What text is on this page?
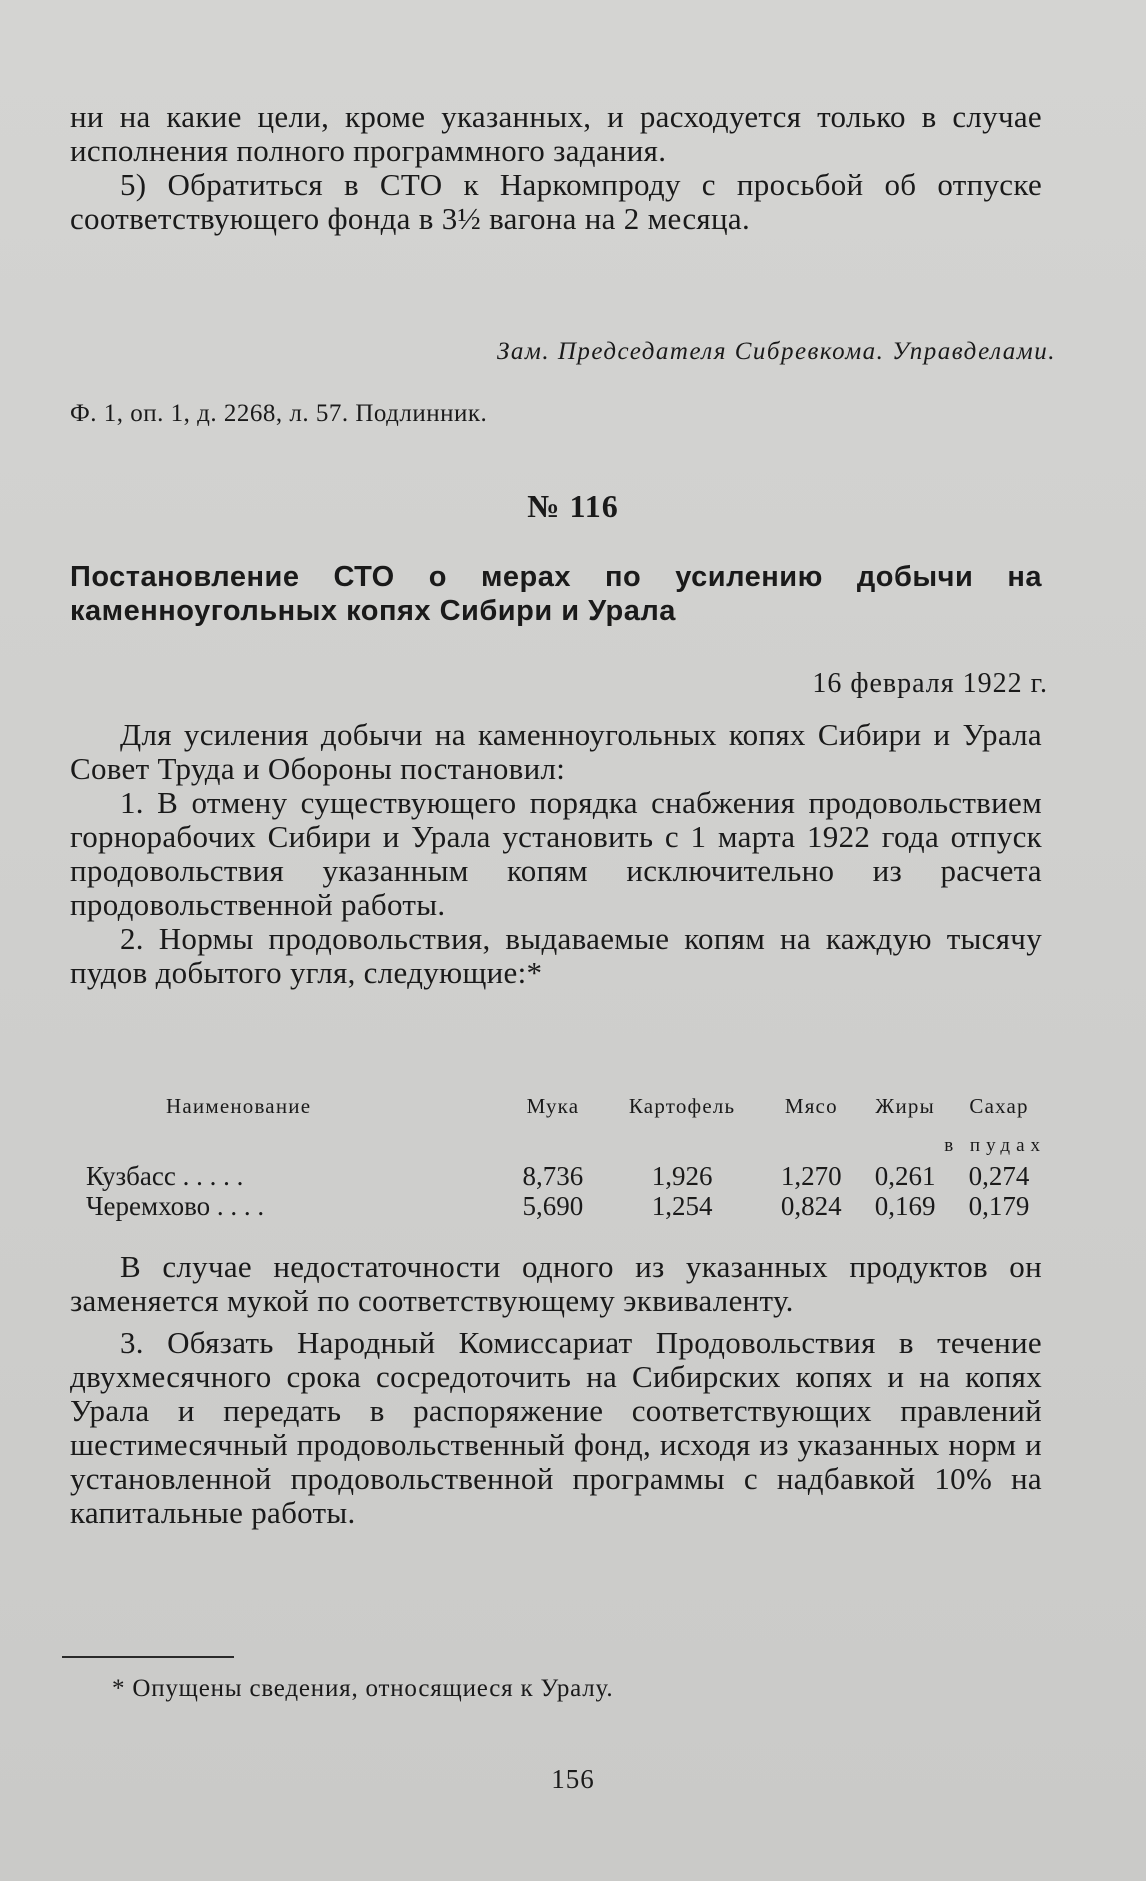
ни на какие цели, кроме указанных, и расходуется только в случае исполнения полного программного задания.

5) Обратиться в СТО к Наркомпроду с просьбой об отпуске соответствующего фонда в 3½ вагона на 2 месяца.

Зам. Председателя Сибревкома. Управделами.
Ф. 1, оп. 1, д. 2268, л. 57. Подлинник.
№ 116
Постановление СТО о мерах по усилению добычи на каменноугольных копях Сибири и Урала
16 февраля 1922 г.

Для усиления добычи на каменноугольных копях Сибири и Урала Совет Труда и Обороны постановил:

1. В отмену существующего порядка снабжения продовольствием горнорабочих Сибири и Урала установить с 1 марта 1922 года отпуск продовольствия указанным копям исключительно из расчета продовольственной работы.

2. Нормы продовольствия, выдаваемые копям на каждую тысячу пудов добытого угля, следующие:*

Наименование	Мука	Картофель	Мясо	Жиры	Сахар
в пудах					
Кузбасс . . . . .	8,736	1,926	1,270	0,261	0,274
Черемхово . . . .	5,690	1,254	0,824	0,169	0,179

В случае недостаточности одного из указанных продуктов он заменяется мукой по соответствующему эквиваленту.

3. Обязать Народный Комиссариат Продовольствия в течение двухмесячного срока сосредоточить на Сибирских копях и на копях Урала и передать в распоряжение соответствующих правлений шестимесячный продовольственный фонд, исходя из указанных норм и установленной продовольственной программы с надбавкой 10% на капитальные работы.

* Опущены сведения, относящиеся к Уралу.
156
